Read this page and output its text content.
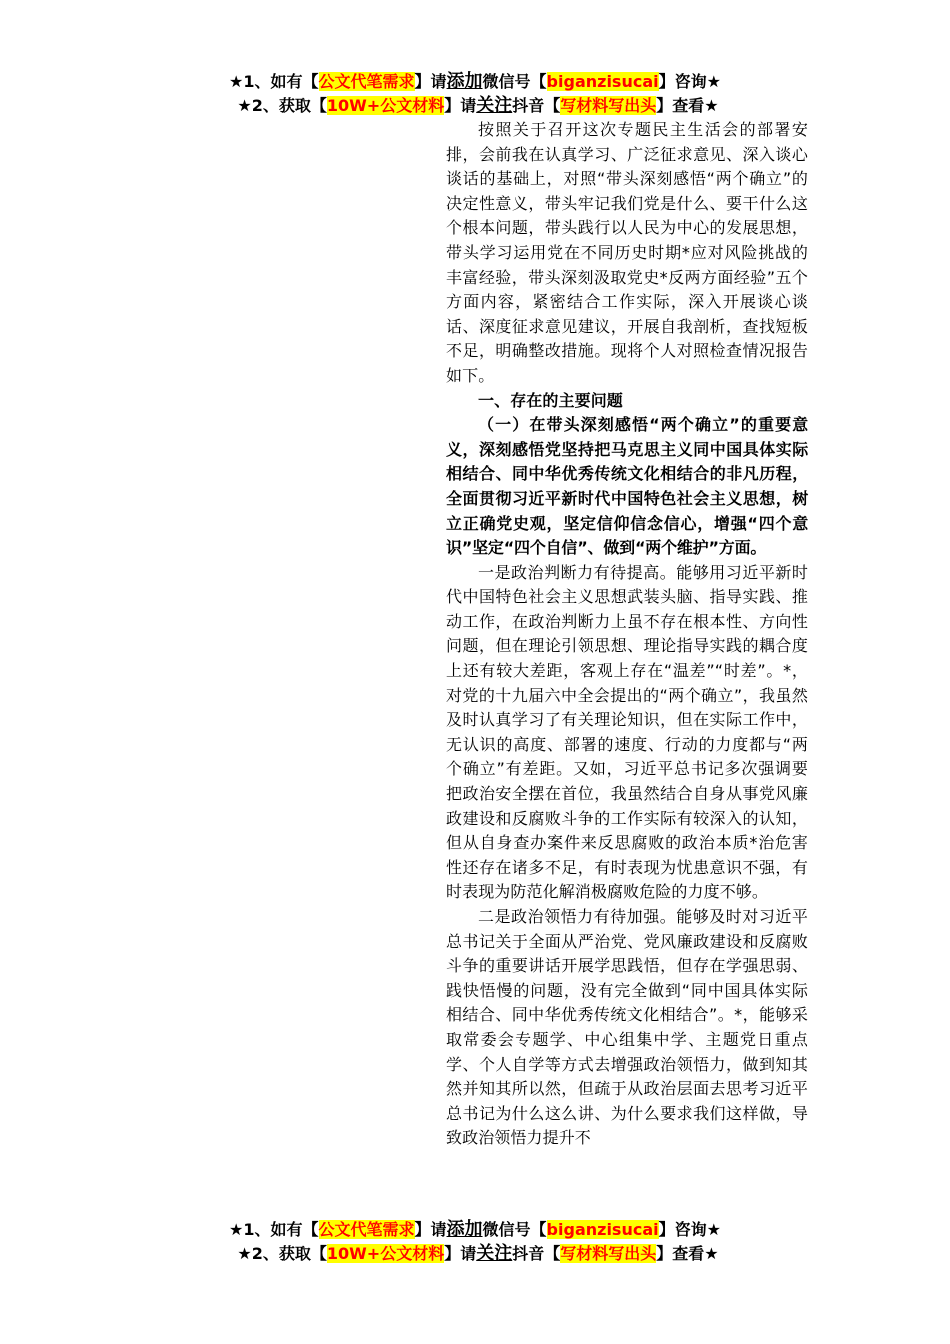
★1、如有【公文代笔需求】请添加微信号【biganzisucai】咨询★
★2、获取【10W+公文材料】请关注抖音【写材料写出头】查看★

按照关于召开这次专题民主生活会的部署安排，会前我在认真学习、广泛征求意见、深入谈心谈话的基础上，对照“带头深刻感悟“两个确立”的决定性意义，带头牢记我们党是什么、要干什么这个根本问题，带头践行以人民为中心的发展思想，带头学习运用党在不同历史时期*应对风险挑战的丰富经验，带头深刻汲取党史*反两方面经验”五个方面内容，紧密结合工作实际，深入开展谈心谈话、深度征求意见建议，开展自我剖析，查找短板不足，明确整改措施。现将个人对照检查情况报告如下。

一、存在的主要问题

（一）在带头深刻感悟“两个确立”的重要意义，深刻感悟党坚持把马克思主义同中国具体实际相结合、同中华优秀传统文化相结合的非凡历程，全面贯彻习近平新时代中国特色社会主义思想，树立正确党史观，坚定信仰信念信心，增强“四个意识”坚定“四个自信”、做到“两个维护”方面。

一是政治判断力有待提高。能够用习近平新时代中国特色社会主义思想武装头脑、指导实践、推动工作，在政治判断力上虽不存在根本性、方向性问题，但在理论引领思想、理论指导实践的耦合度上还有较大差距，客观上存在“温差”“时差”。*，对党的十九届六中全会提出的“两个确立”，我虽然及时认真学习了有关理论知识，但在实际工作中，无认识的高度、部署的速度、行动的力度都与“两个确立”有差距。又如，习近平总书记多次强调要把政治安全摆在首位，我虽然结合自身从事党风廉政建设和反腐败斗争的工作实际有较深入的认知，但从自身查办案件来反思腐败的政治本质*治危害性还存在诸多不足，有时表现为忧患意识不强，有时表现为防范化解消极腐败危险的力度不够。

二是政治领悟力有待加强。能够及时对习近平总书记关于全面从严治党、党风廉政建设和反腐败斗争的重要讲话开展学思践悟，但存在学强思弱、践快悟慢的问题，没有完全做到“同中国具体实际相结合、同中华优秀传统文化相结合”。*，能够采取常委会专题学、中心组集中学、主题党日重点学、个人自学等方式去增强政治领悟力，做到知其然并知其所以然，但疏于从政治层面去思考习近平总书记为什么这么讲、为什么要求我们这样做，导致政治领悟力提升不

★1、如有【公文代笔需求】请添加微信号【biganzisucai】咨询★
★2、获取【10W+公文材料】请关注抖音【写材料写出头】查看★
